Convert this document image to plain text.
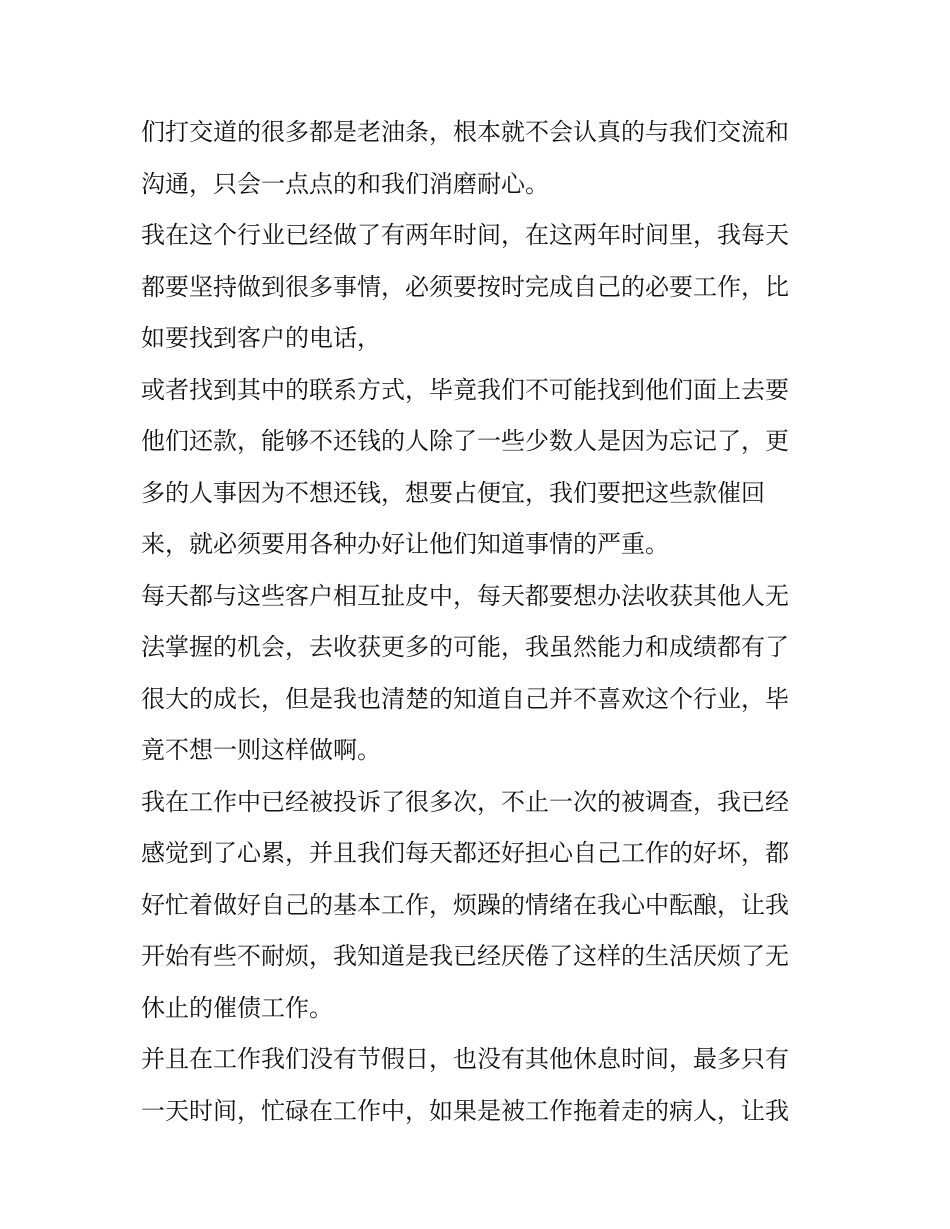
们打交道的很多都是老油条，根本就不会认真的与我们交流和
沟通，只会一点点的和我们消磨耐心。
我在这个行业已经做了有两年时间，在这两年时间里，我每天
都要坚持做到很多事情，必须要按时完成自己的必要工作，比
如要找到客户的电话，
或者找到其中的联系方式，毕竟我们不可能找到他们面上去要
他们还款，能够不还钱的人除了一些少数人是因为忘记了，更
多的人事因为不想还钱，想要占便宜，我们要把这些款催回
来，就必须要用各种办好让他们知道事情的严重。
每天都与这些客户相互扯皮中，每天都要想办法收获其他人无
法掌握的机会，去收获更多的可能，我虽然能力和成绩都有了
很大的成长，但是我也清楚的知道自己并不喜欢这个行业，毕
竟不想一则这样做啊。
我在工作中已经被投诉了很多次，不止一次的被调查，我已经
感觉到了心累，并且我们每天都还好担心自己工作的好坏，都
好忙着做好自己的基本工作，烦躁的情绪在我心中酝酿，让我
开始有些不耐烦，我知道是我已经厌倦了这样的生活厌烦了无
休止的催债工作。
并且在工作我们没有节假日，也没有其他休息时间，最多只有
一天时间，忙碌在工作中，如果是被工作拖着走的病人，让我
